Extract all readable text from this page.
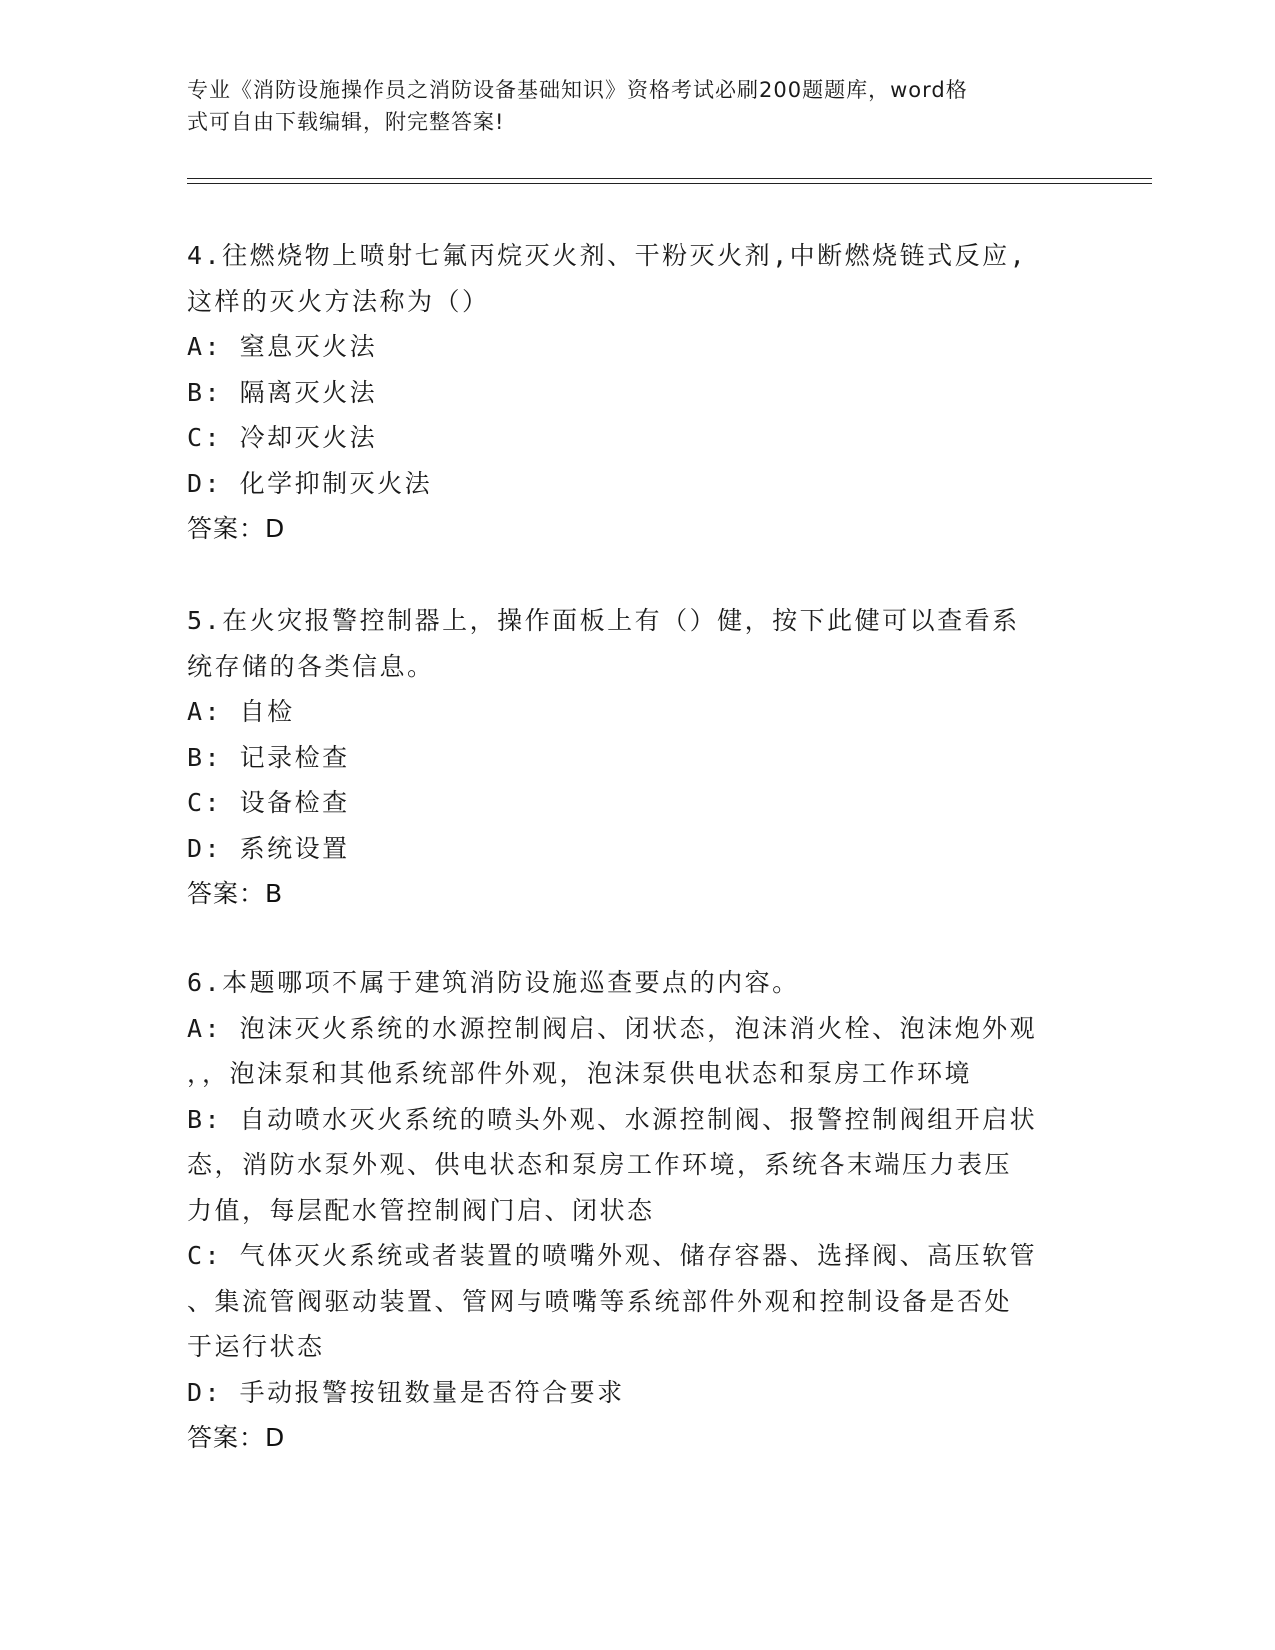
专业《消防设施操作员之消防设备基础知识》资格考试必刷200题题库，word格
式可自由下载编辑，附完整答案!

4.往燃烧物上喷射七氟丙烷灭火剂、干粉灭火剂,中断燃烧链式反应,

这样的灭火方法称为（）

A: 窒息灭火法

B: 隔离灭火法

C: 冷却灭火法

D: 化学抑制灭火法

答案：D

5.在火灾报警控制器上，操作面板上有（）健，按下此健可以查看系

统存储的各类信息。

A: 自检

B: 记录检查

C: 设备检查

D: 系统设置

答案：B

6.本题哪项不属于建筑消防设施巡查要点的内容。

A: 泡沫灭火系统的水源控制阀启、闭状态，泡沫消火栓、泡沫炮外观

，，泡沫泵和其他系统部件外观，泡沫泵供电状态和泵房工作环境

B: 自动喷水灭火系统的喷头外观、水源控制阀、报警控制阀组开启状

态，消防水泵外观、供电状态和泵房工作环境，系统各末端压力表压

力值，每层配水管控制阀门启、闭状态

C: 气体灭火系统或者装置的喷嘴外观、储存容器、选择阀、高压软管

、集流管阀驱动装置、管网与喷嘴等系统部件外观和控制设备是否处

于运行状态

D: 手动报警按钮数量是否符合要求

答案：D
